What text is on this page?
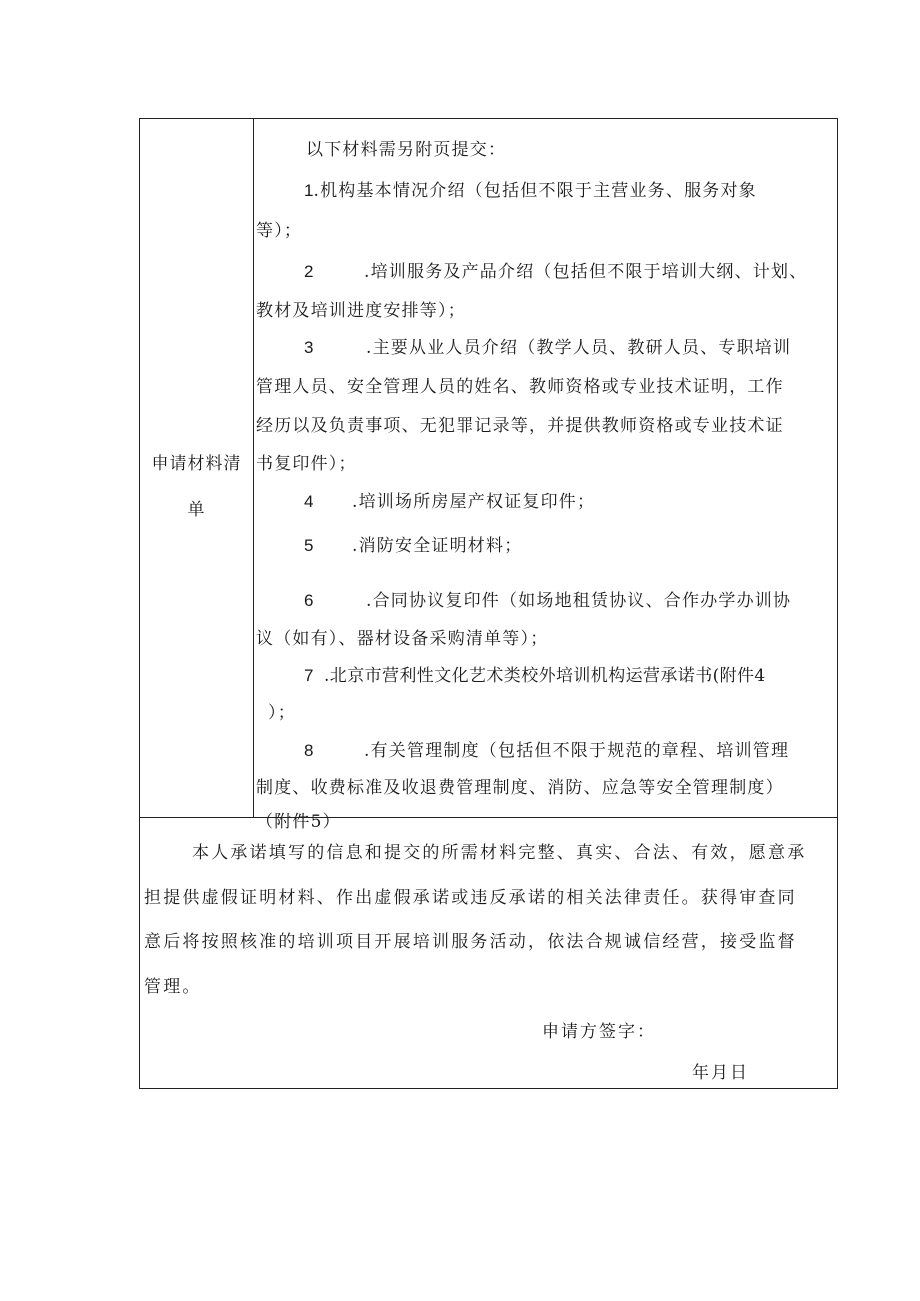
申请材料清
单
以下材料需另附页提交：
1.机构基本情况介绍（包括但不限于主营业务、服务对象
等）；
2	.培训服务及产品介绍（包括但不限于培训大纲、计划、
教材及培训进度安排等）；
3	.主要从业人员介绍（教学人员、教研人员、专职培训
管理人员、安全管理人员的姓名、教师资格或专业技术证明，工作
经历以及负责事项、无犯罪记录等，并提供教师资格或专业技术证
书复印件）；
4 .培训场所房屋产权证复印件；
5 .消防安全证明材料；
6	.合同协议复印件（如场地租赁协议、合作办学办训协
议（如有）、器材设备采购清单等）；
7 .北京市营利性文化艺术类校外培训机构运营承诺书(附件4
）；
8	.有关管理制度（包括但不限于规范的章程、培训管理
制度、收费标准及收退费管理制度、消防、应急等安全管理制度）
（附件5）
本人承诺填写的信息和提交的所需材料完整、真实、合法、有效，愿意承
担提供虚假证明材料、作出虚假承诺或违反承诺的相关法律责任。获得审查同
意后将按照核准的培训项目开展培训服务活动，依法合规诚信经营，接受监督
管理。
申请方签字：
年月日
